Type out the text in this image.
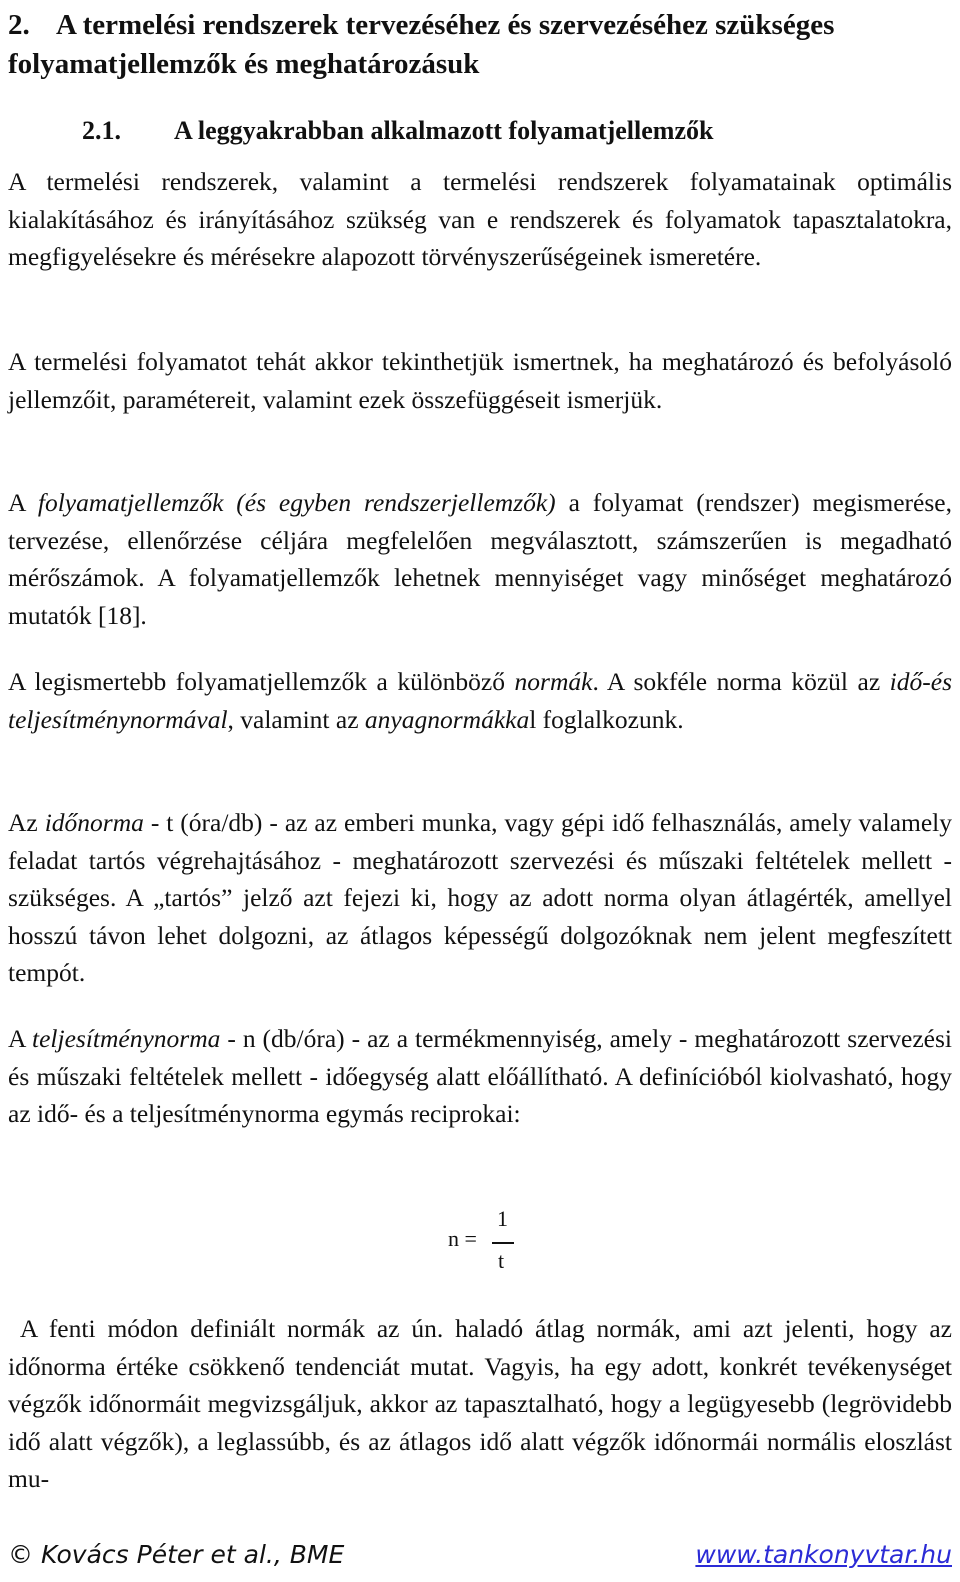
2. A termelési rendszerek tervezéséhez és szervezéséhez szükséges folyamatjellemzők és meghatározásuk
2.1. A leggyakrabban alkalmazott folyamatjellemzők

A termelési rendszerek, valamint a termelési rendszerek folyamatainak optimális kialakításához és irányításához szükség van e rendszerek és folyamatok tapasztalatokra, megfigyelésekre és mérésekre alapozott törvényszerűségeinek ismeretére.

A termelési folyamatot tehát akkor tekinthetjük ismertnek, ha meghatározó és befolyásoló jellemzőit, paramétereit, valamint ezek összefüggéseit ismerjük.

A folyamatjellemzők (és egyben rendszerjellemzők) a folyamat (rendszer) megismerése, tervezése, ellenőrzése céljára megfelelően megválasztott, számszerűen is megadható mérőszámok. A folyamatjellemzők lehetnek mennyiséget vagy minőséget meghatározó mutatók [18].

A legismertebb folyamatjellemzők a különböző normák. A sokféle norma közül az idő-és teljesítménynormával, valamint az anyagnormákkal foglalkozunk.

Az időnorma - t (óra/db) - az az emberi munka, vagy gépi idő felhasználás, amely valamely feladat tartós végrehajtásához - meghatározott szervezési és műszaki feltételek mellett - szükséges. A „tartós” jelző azt fejezi ki, hogy az adott norma olyan átlagérték, amellyel hosszú távon lehet dolgozni, az átlagos képességű dolgozóknak nem jelent megfeszített tempót.

A teljesítménynorma - n (db/óra) - az a termékmennyiség, amely - meghatározott szervezési és műszaki feltételek mellett - időegység alatt előállítható. A definícióból kiolvasható, hogy az idő- és a teljesítménynorma egymás reciprokai:

n =
1
t

A fenti módon definiált normák az ún. haladó átlag normák, ami azt jelenti, hogy az időnorma értéke csökkenő tendenciát mutat. Vagyis, ha egy adott, konkrét tevékenységet végzők időnormáit megvizsgáljuk, akkor az tapasztalható, hogy a legügyesebb (legrövidebb idő alatt végzők), a leglassúbb, és az átlagos idő alatt végzők időnormái normális eloszlást mu-

© Kovács Péter et al., BME	www.tankonyvtar.hu
